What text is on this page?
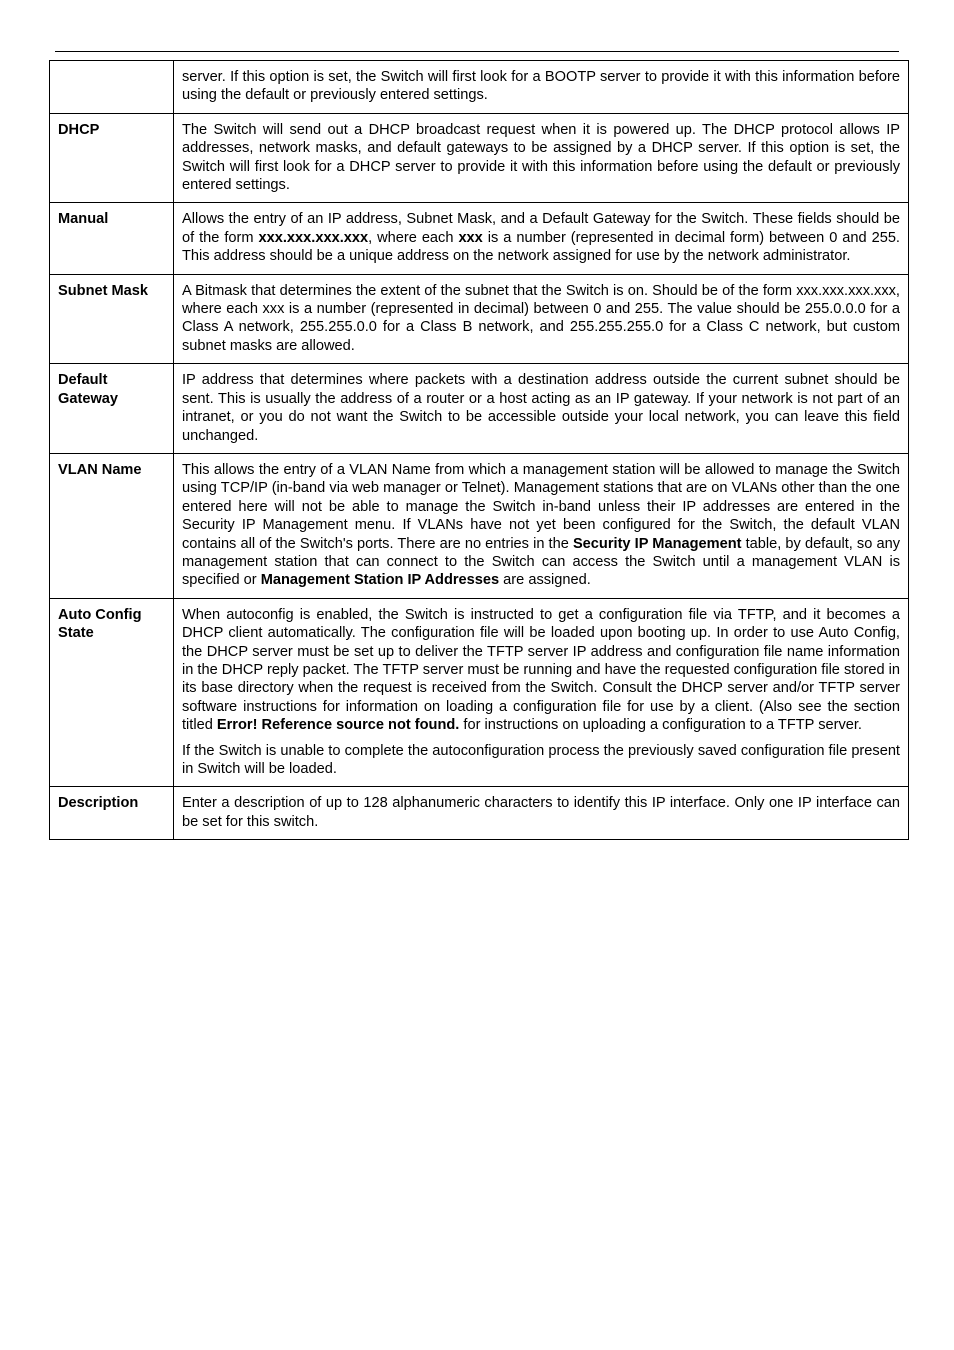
	server. If this option is set, the Switch will first look for a BOOTP server to provide it with this information before using the default or previously entered settings.

DHCP	The Switch will send out a DHCP broadcast request when it is powered up. The DHCP protocol allows IP addresses, network masks, and default gateways to be assigned by a DHCP server. If this option is set, the Switch will first look for a DHCP server to provide it with this information before using the default or previously entered settings.

Manual	Allows the entry of an IP address, Subnet Mask, and a Default Gateway for the Switch. These fields should be of the form xxx.xxx.xxx.xxx, where each xxx is a number (represented in decimal form) between 0 and 255. This address should be a unique address on the network assigned for use by the network administrator.

Subnet Mask	A Bitmask that determines the extent of the subnet that the Switch is on. Should be of the form xxx.xxx.xxx.xxx, where each xxx is a number (represented in decimal) between 0 and 255. The value should be 255.0.0.0 for a Class A network, 255.255.0.0 for a Class B network, and 255.255.255.0 for a Class C network, but custom subnet masks are allowed.

Default Gateway	IP address that determines where packets with a destination address outside the current subnet should be sent. This is usually the address of a router or a host acting as an IP gateway. If your network is not part of an intranet, or you do not want the Switch to be accessible outside your local network, you can leave this field unchanged.

VLAN Name	This allows the entry of a VLAN Name from which a management station will be allowed to manage the Switch using TCP/IP (in-band via web manager or Telnet). Management stations that are on VLANs other than the one entered here will not be able to manage the Switch in-band unless their IP addresses are entered in the Security IP Management menu. If VLANs have not yet been configured for the Switch, the default VLAN contains all of the Switch's ports. There are no entries in the Security IP Management table, by default, so any management station that can connect to the Switch can access the Switch until a management VLAN is specified or Management Station IP Addresses are assigned.

Auto Config State	When autoconfig is enabled, the Switch is instructed to get a configuration file via TFTP, and it becomes a DHCP client automatically. The configuration file will be loaded upon booting up. In order to use Auto Config, the DHCP server must be set up to deliver the TFTP server IP address and configuration file name information in the DHCP reply packet. The TFTP server must be running and have the requested configuration file stored in its base directory when the request is received from the Switch. Consult the DHCP server and/or TFTP server software instructions for information on loading a configuration file for use by a client. (Also see the section titled Error! Reference source not found. for instructions on uploading a configuration to a TFTP server.

If the Switch is unable to complete the autoconfiguration process the previously saved configuration file present in Switch will be loaded.

Description	Enter a description of up to 128 alphanumeric characters to identify this IP interface. Only one IP interface can be set for this switch.
